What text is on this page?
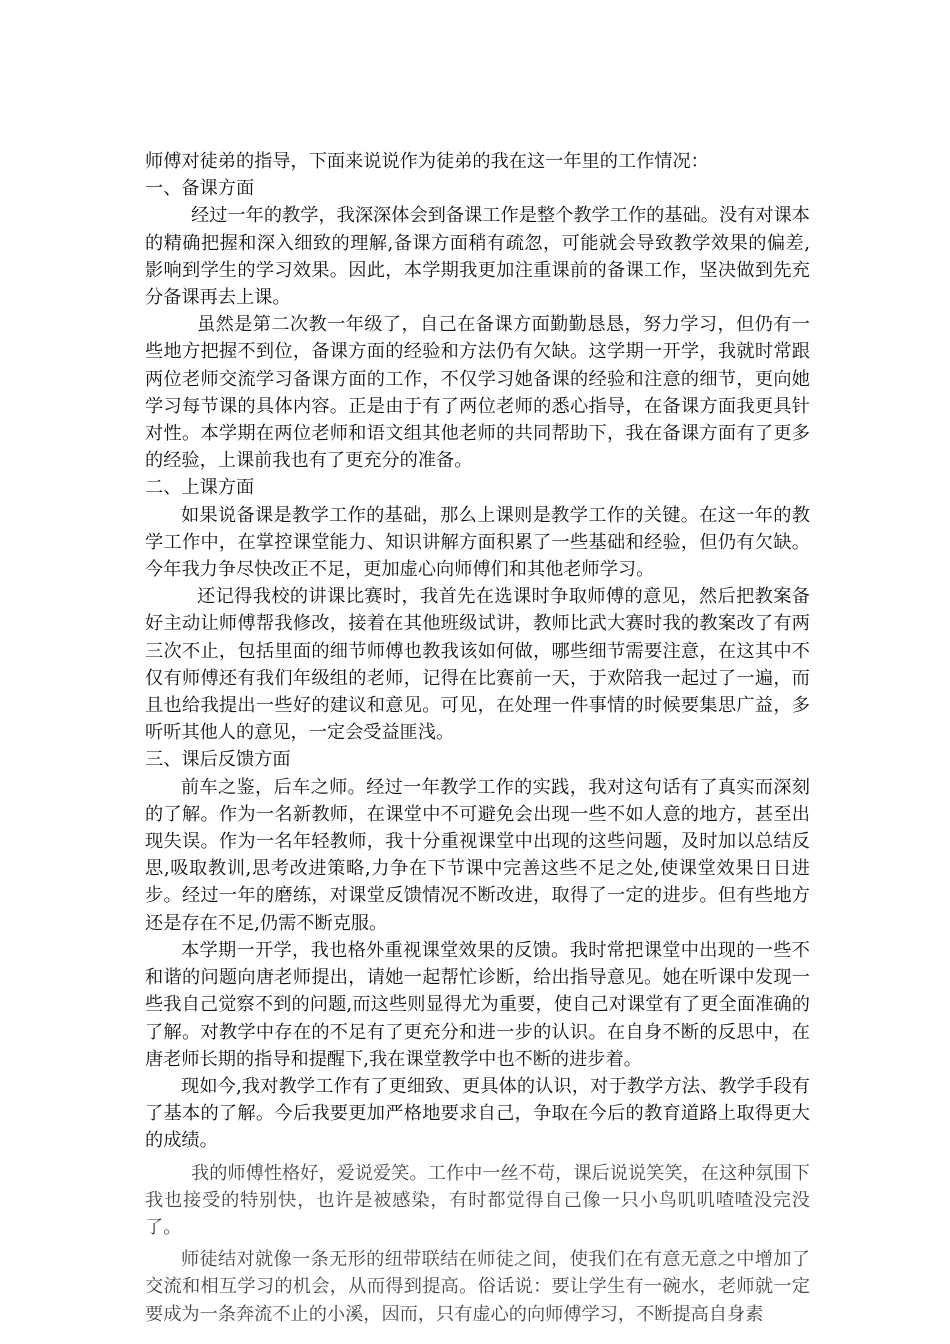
师傅对徒弟的指导，下面来说说作为徒弟的我在这一年里的工作情况：

一、备课方面

经过一年的教学，我深深体会到备课工作是整个教学工作的基础。没有对课本的精确把握和深入细致的理解,备课方面稍有疏忽，可能就会导致教学效果的偏差,影响到学生的学习效果。因此，本学期我更加注重课前的备课工作，坚决做到先充分备课再去上课。

虽然是第二次教一年级了，自己在备课方面勤勤恳恳，努力学习，但仍有一些地方把握不到位，备课方面的经验和方法仍有欠缺。这学期一开学，我就时常跟两位老师交流学习备课方面的工作，不仅学习她备课的经验和注意的细节，更向她学习每节课的具体内容。正是由于有了两位老师的悉心指导，在备课方面我更具针对性。本学期在两位老师和语文组其他老师的共同帮助下，我在备课方面有了更多的经验，上课前我也有了更充分的准备。

二、上课方面

如果说备课是教学工作的基础，那么上课则是教学工作的关键。在这一年的教学工作中，在掌控课堂能力、知识讲解方面积累了一些基础和经验，但仍有欠缺。今年我力争尽快改正不足，更加虚心向师傅们和其他老师学习。

还记得我校的讲课比赛时，我首先在选课时争取师傅的意见，然后把教案备好主动让师傅帮我修改，接着在其他班级试讲，教师比武大赛时我的教案改了有两三次不止，包括里面的细节师傅也教我该如何做，哪些细节需要注意，在这其中不仅有师傅还有我们年级组的老师，记得在比赛前一天，于欢陪我一起过了一遍，而且也给我提出一些好的建议和意见。可见，在处理一件事情的时候要集思广益，多听听其他人的意见，一定会受益匪浅。

三、课后反馈方面

前车之鉴，后车之师。经过一年教学工作的实践，我对这句话有了真实而深刻的了解。作为一名新教师，在课堂中不可避免会出现一些不如人意的地方，甚至出现失误。作为一名年轻教师，我十分重视课堂中出现的这些问题，及时加以总结反思,吸取教训,思考改进策略,力争在下节课中完善这些不足之处,使课堂效果日日进步。经过一年的磨练，对课堂反馈情况不断改进，取得了一定的进步。但有些地方还是存在不足,仍需不断克服。

本学期一开学，我也格外重视课堂效果的反馈。我时常把课堂中出现的一些不和谐的问题向唐老师提出，请她一起帮忙诊断，给出指导意见。她在听课中发现一些我自己觉察不到的问题,而这些则显得尤为重要，使自己对课堂有了更全面准确的了解。对教学中存在的不足有了更充分和进一步的认识。在自身不断的反思中，在唐老师长期的指导和提醒下,我在课堂教学中也不断的进步着。

现如今,我对教学工作有了更细致、更具体的认识，对于教学方法、教学手段有了基本的了解。今后我要更加严格地要求自己，争取在今后的教育道路上取得更大的成绩。

我的师傅性格好，爱说爱笑。工作中一丝不苟，课后说说笑笑，在这种氛围下我也接受的特别快，也许是被感染，有时都觉得自己像一只小鸟叽叽喳喳没完没了。

师徒结对就像一条无形的纽带联结在师徒之间，使我们在有意无意之中增加了交流和相互学习的机会，从而得到提高。俗话说：要让学生有一碗水，老师就一定要成为一条奔流不止的小溪，因而，只有虚心的向师傅学习，不断提高自身素
